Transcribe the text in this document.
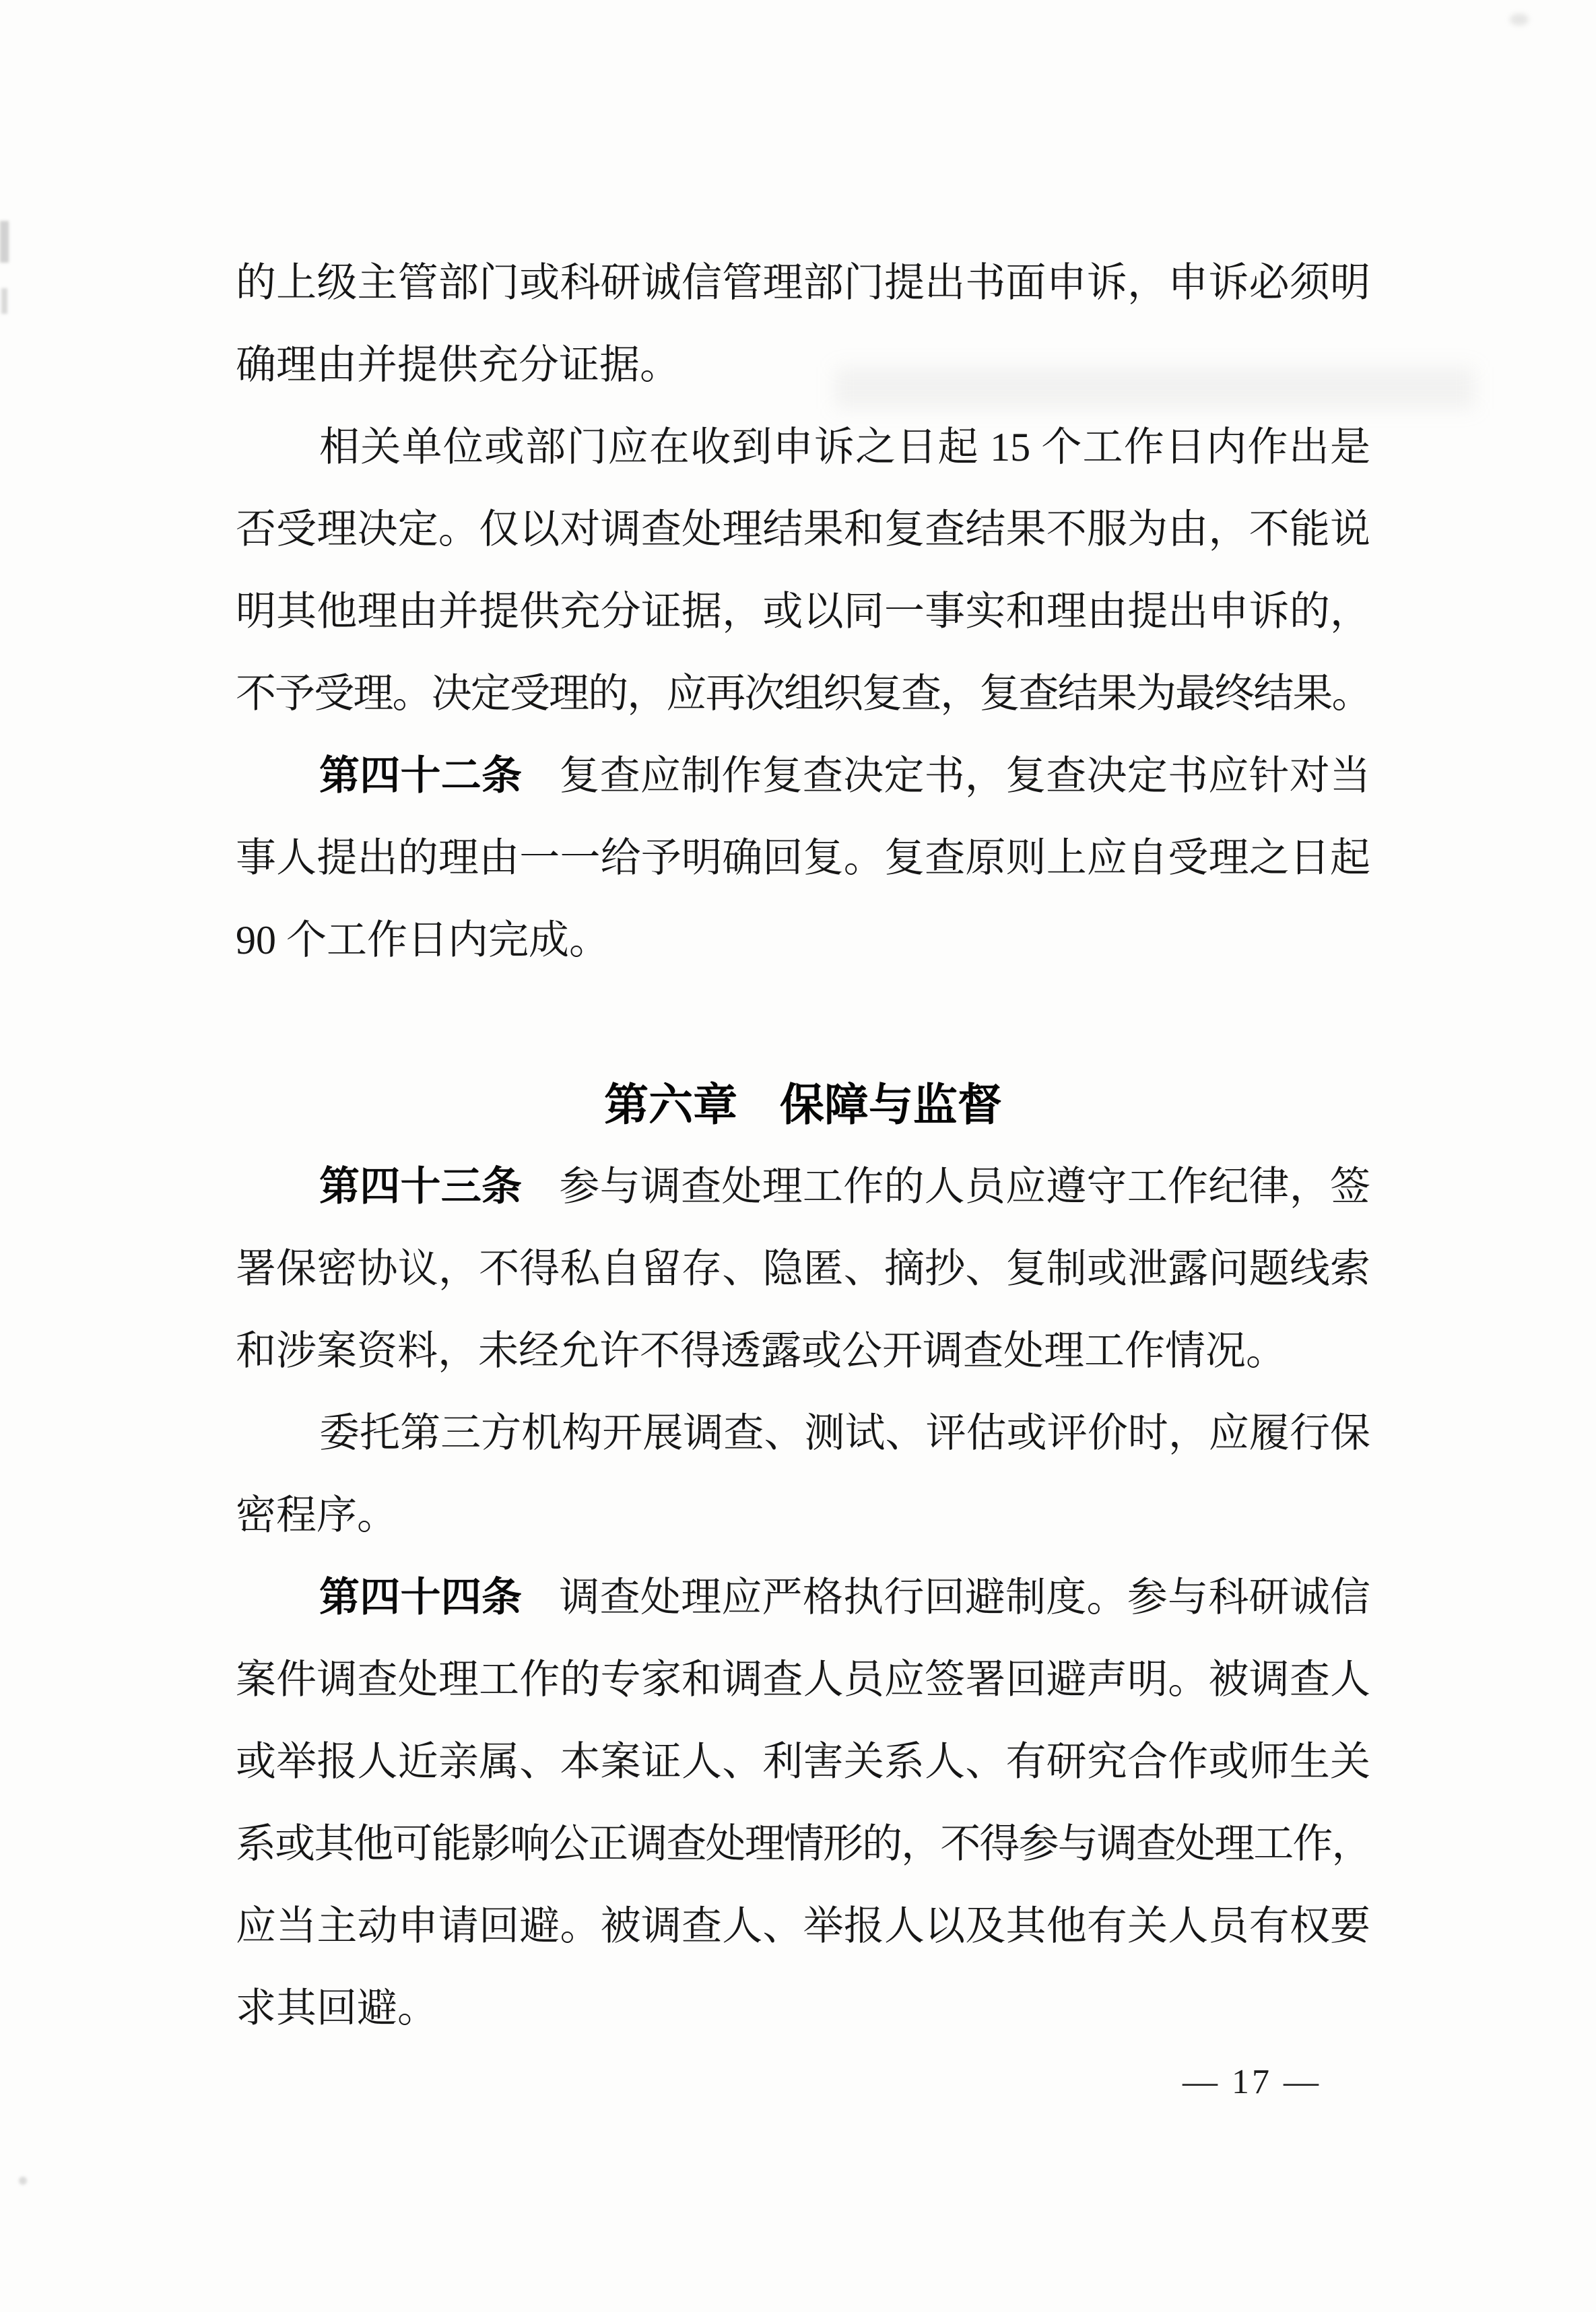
的上级主管部门或科研诚信管理部门提出书面申诉，申诉必须明
确理由并提供充分证据。
相关单位或部门应在收到申诉之日起 15 个工作日内作出是
否受理决定。仅以对调查处理结果和复查结果不服为由，不能说
明其他理由并提供充分证据，或以同一事实和理由提出申诉的，
不予受理。决定受理的，应再次组织复查，复查结果为最终结果。
第四十二条 复查应制作复查决定书，复查决定书应针对当
事人提出的理由一一给予明确回复。复查原则上应自受理之日起
90 个工作日内完成。
第六章 保障与监督
第四十三条 参与调查处理工作的人员应遵守工作纪律，签
署保密协议，不得私自留存、隐匿、摘抄、复制或泄露问题线索
和涉案资料，未经允许不得透露或公开调查处理工作情况。
委托第三方机构开展调查、测试、评估或评价时，应履行保
密程序。
第四十四条 调查处理应严格执行回避制度。参与科研诚信
案件调查处理工作的专家和调查人员应签署回避声明。被调查人
或举报人近亲属、本案证人、利害关系人、有研究合作或师生关
系或其他可能影响公正调查处理情形的，不得参与调查处理工作，
应当主动申请回避。被调查人、举报人以及其他有关人员有权要
求其回避。
— 17 —
